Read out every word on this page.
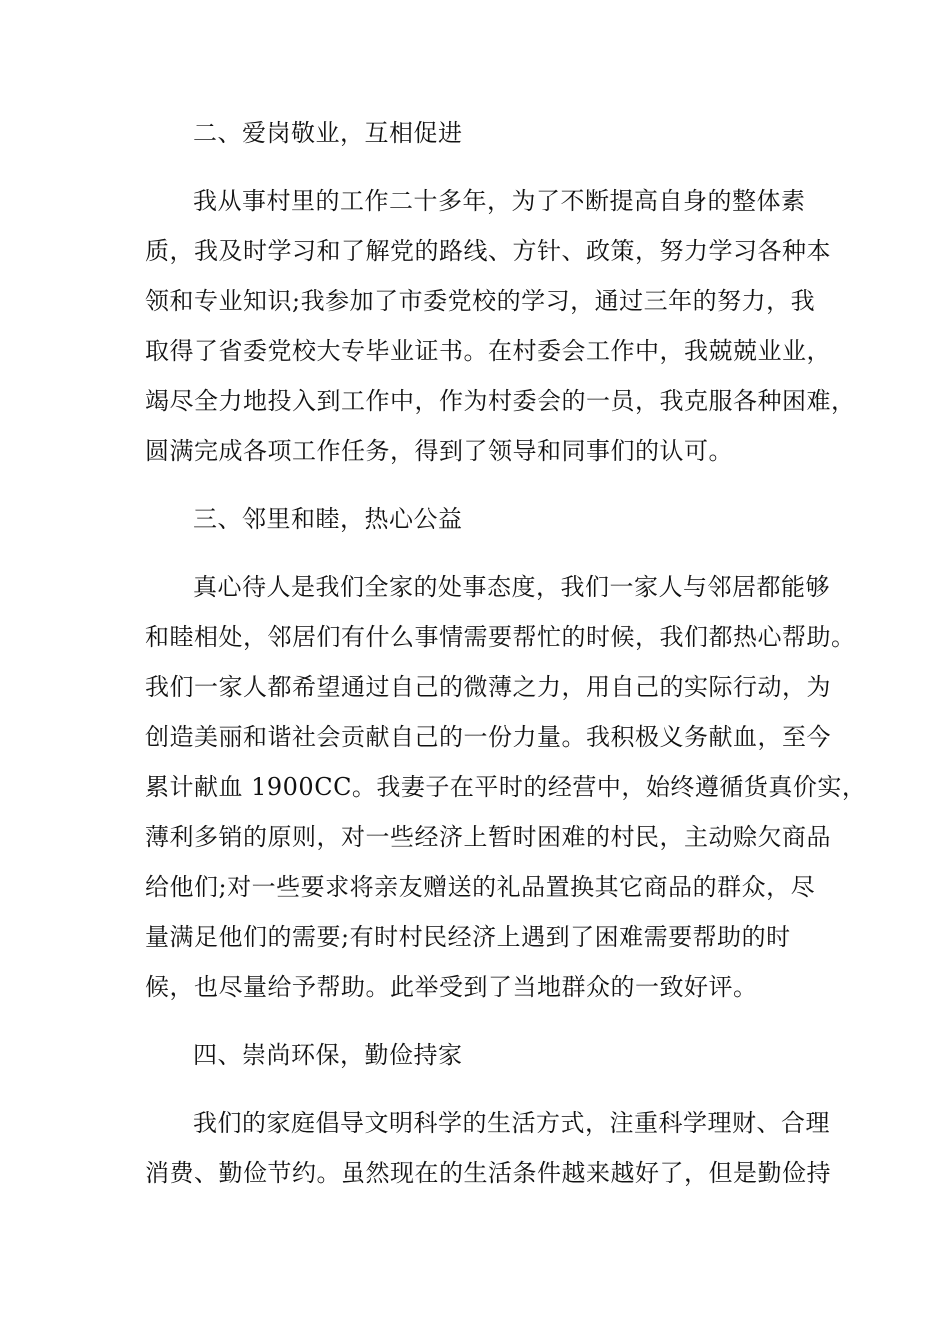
二、爱岗敬业，互相促进
我从事村里的工作二十多年，为了不断提高自身的整体素
质，我及时学习和了解党的路线、方针、政策，努力学习各种本
领和专业知识;我参加了市委党校的学习，通过三年的努力，我
取得了省委党校大专毕业证书。在村委会工作中，我兢兢业业，
竭尽全力地投入到工作中，作为村委会的一员，我克服各种困难，
圆满完成各项工作任务，得到了领导和同事们的认可。
三、邻里和睦，热心公益
真心待人是我们全家的处事态度，我们一家人与邻居都能够
和睦相处，邻居们有什么事情需要帮忙的时候，我们都热心帮助。
我们一家人都希望通过自己的微薄之力，用自己的实际行动，为
创造美丽和谐社会贡献自己的一份力量。我积极义务献血，至今
累计献血 1900CC。我妻子在平时的经营中，始终遵循货真价实，
薄利多销的原则，对一些经济上暂时困难的村民，主动赊欠商品
给他们;对一些要求将亲友赠送的礼品置换其它商品的群众，尽
量满足他们的需要;有时村民经济上遇到了困难需要帮助的时
候，也尽量给予帮助。此举受到了当地群众的一致好评。
四、崇尚环保，勤俭持家
我们的家庭倡导文明科学的生活方式，注重科学理财、合理
消费、勤俭节约。虽然现在的生活条件越来越好了，但是勤俭持
